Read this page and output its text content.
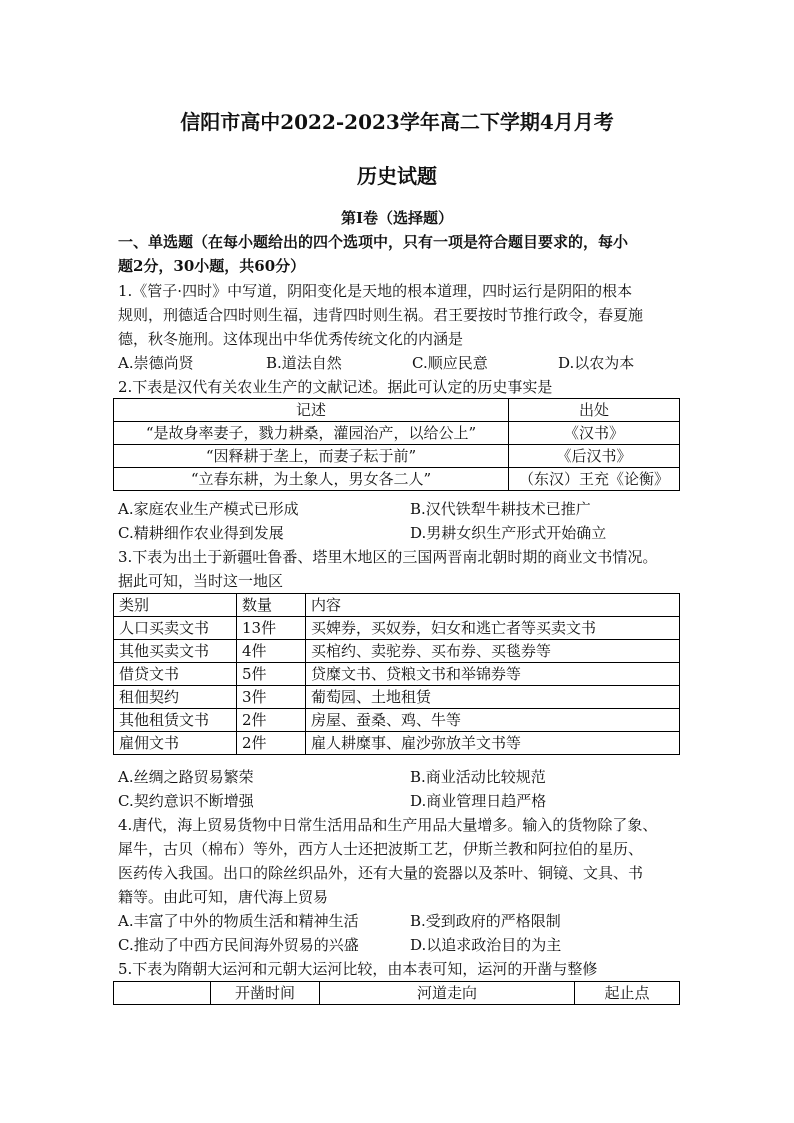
信阳市高中2022-2023学年高二下学期4月月考
历史试题
第Ⅰ卷（选择题）
一、单选题（在每小题给出的四个选项中，只有一项是符合题目要求的，每小
题2分，30小题，共60分）
1.《管子·四时》中写道，阴阳变化是天地的根本道理，四时运行是阴阳的根本
规则，刑德适合四时则生福，违背四时则生祸。君王要按时节推行政令，春夏施
德，秋冬施刑。这体现出中华优秀传统文化的内涵是
A.崇德尚贤	B.道法自然	C.顺应民意	D.以农为本
2.下表是汉代有关农业生产的文献记述。据此可认定的历史事实是
记述	出处
“是故身率妻子，戮力耕桑，灌园治产，以给公上”	《汉书》
“因释耕于垄上，而妻子耘于前”	《后汉书》
“立春东耕，为土象人，男女各二人”	（东汉）王充《论衡》
A.家庭农业生产模式已形成	B.汉代铁犁牛耕技术已推广
C.精耕细作农业得到发展	D.男耕女织生产形式开始确立
3.下表为出土于新疆吐鲁番、塔里木地区的三国两晋南北朝时期的商业文书情况。
据此可知，当时这一地区
类别	数量	内容
人口买卖文书	13件	买婢券，买奴券，妇女和逃亡者等买卖文书
其他买卖文书	4件	买棺约、卖驼券、买布券、买毯券等
借贷文书	5件	贷糜文书、贷粮文书和举锦券等
租佃契约	3件	葡萄园、土地租赁
其他租赁文书	2件	房屋、蚕桑、鸡、牛等
雇佣文书	2件	雇人耕糜事、雇沙弥放羊文书等
A.丝绸之路贸易繁荣	B.商业活动比较规范
C.契约意识不断增强	D.商业管理日趋严格
4.唐代，海上贸易货物中日常生活用品和生产用品大量增多。输入的货物除了象、
犀牛，古贝（棉布）等外，西方人士还把波斯工艺，伊斯兰教和阿拉伯的星历、
医药传入我国。出口的除丝织品外，还有大量的瓷器以及茶叶、铜镜、文具、书
籍等。由此可知，唐代海上贸易
A.丰富了中外的物质生活和精神生活	B.受到政府的严格限制
C.推动了中西方民间海外贸易的兴盛	D.以追求政治目的为主
5.下表为隋朝大运河和元朝大运河比较，由本表可知，运河的开凿与整修
	开凿时间	河道走向	起止点
